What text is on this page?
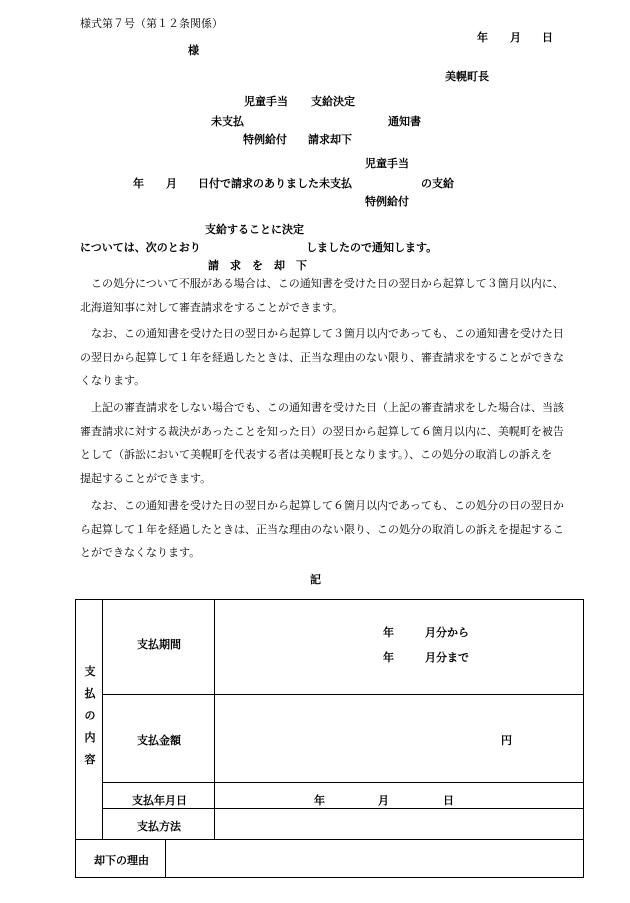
様式第７号（第１２条関係）
年 月 日
様
美幌町長
児童手当 支給決定
未支払	通知書
特例給付 請求却下
児童手当
年 月 日付で請求のありました未支払	の支給
特例給付
支給することに決定
については、次のとおり	しましたので通知します。
請　求　を　却　下
この処分について不服がある場合は、この通知書を受けた日の翌日から起算して３箇月以内に、
北海道知事に対して審査請求をすることができます。
なお、この通知書を受けた日の翌日から起算して３箇月以内であっても、この通知書を受けた日
の翌日から起算して１年を経過したときは、正当な理由のない限り、審査請求をすることができな
くなります。
上記の審査請求をしない場合でも、この通知書を受けた日（上記の審査請求をした場合は、当該
審査請求に対する裁決があったことを知った日）の翌日から起算して６箇月以内に、美幌町を被告
として（訴訟において美幌町を代表する者は美幌町長となります。）、この処分の取消しの訴えを
提起することができます。
なお、この通知書を受けた日の翌日から起算して６箇月以内であっても、この処分の日の翌日か
ら起算して１年を経過したときは、正当な理由のない限り、この処分の取消しの訴えを提起するこ
とができなくなります。
記
支
払
の
内
容
支払期間
年	月分から
年	月分まで
支払金額	円
支払年月日	年	月	日
支払方法
却下の理由
